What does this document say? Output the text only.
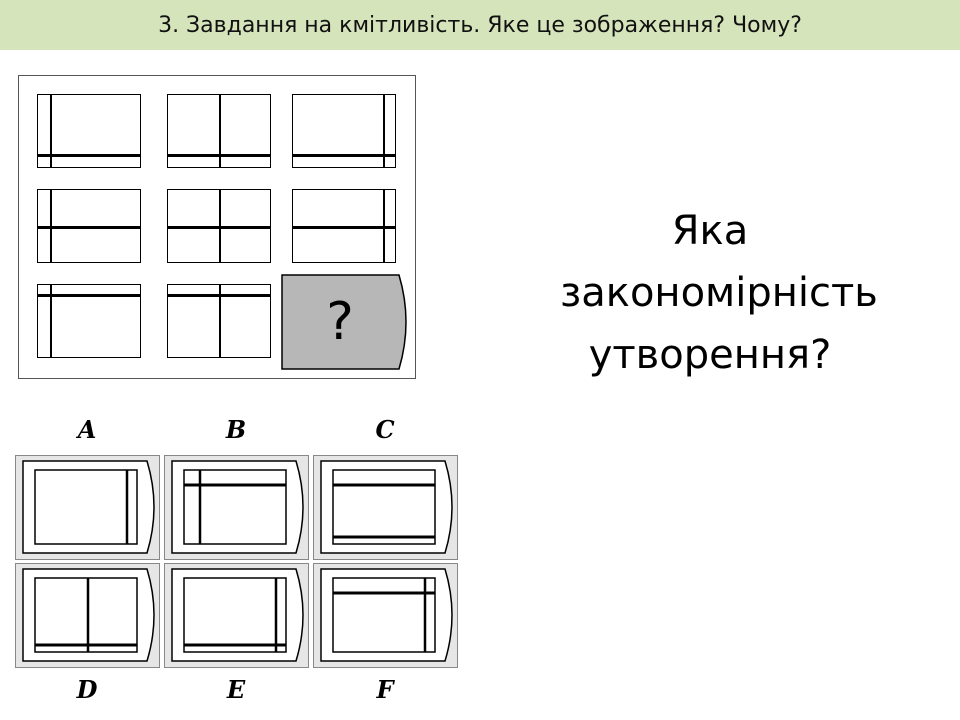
3. Завдання на кмітливість. Яке це зображення? Чому?
?
A	B	C
D	E	F
Яка
закономірність
утворення?
